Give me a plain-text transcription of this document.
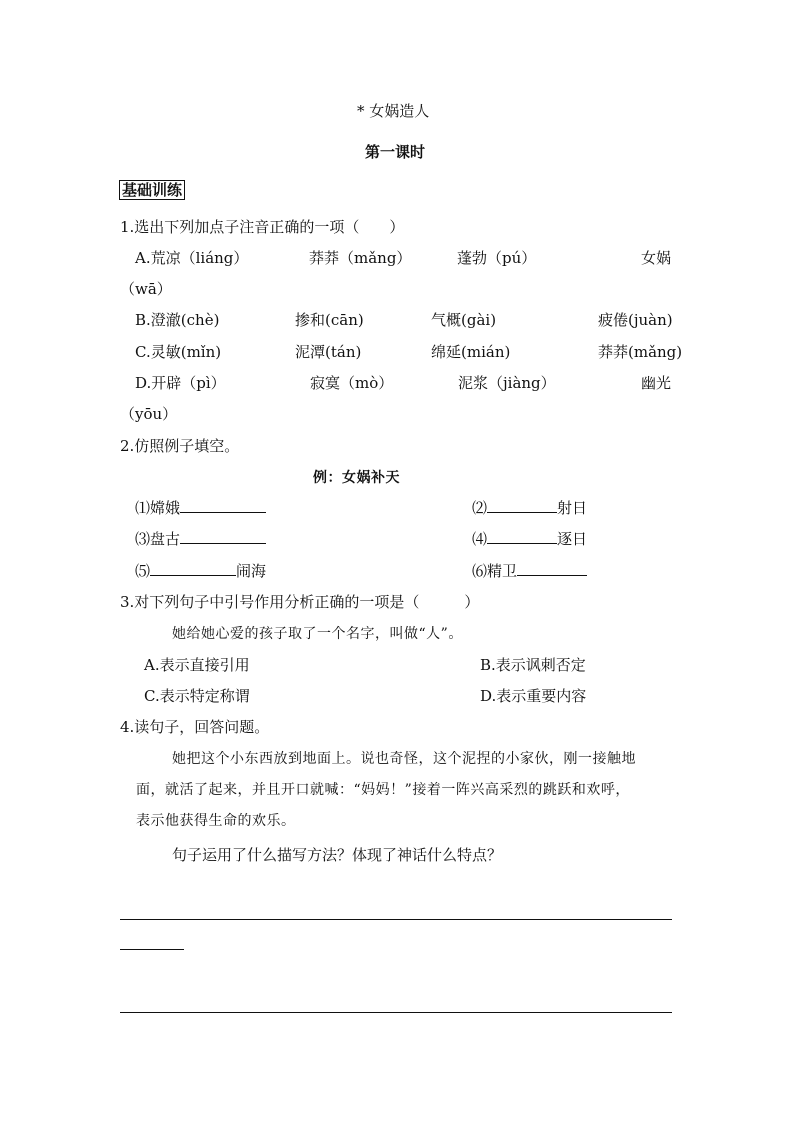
* 女娲造人
第一课时
基础训练
1.选出下列加点子注音正确的一项（　　）
A.荒凉（liáng）	莽莽（mǎng）	蓬勃（pú）	女娲
（wā）
B.澄澈(chè)	掺和(cān)	气概(gài)	疲倦(juàn)
C.灵敏(mǐn)	泥潭(tán)	绵延(mián)	莽莽(mǎng)
D.开辟（pì）	寂寞（mò）	泥浆（jiàng）	幽光
（yōu）
2.仿照例子填空。
例：女娲补天
⑴嫦娥	⑵	射日
⑶盘古	⑷	逐日
⑸	闹海	⑹精卫
3.对下列句子中引号作用分析正确的一项是（　　　）
她给她心爱的孩子取了一个名字，叫做“人”。
A.表示直接引用	B.表示讽刺否定
C.表示特定称谓	D.表示重要内容
4.读句子，回答问题。
她把这个小东西放到地面上。说也奇怪，这个泥捏的小家伙，刚一接触地
面，就活了起来，并且开口就喊：“妈妈！”接着一阵兴高采烈的跳跃和欢呼，
表示他获得生命的欢乐。
句子运用了什么描写方法？体现了神话什么特点？
